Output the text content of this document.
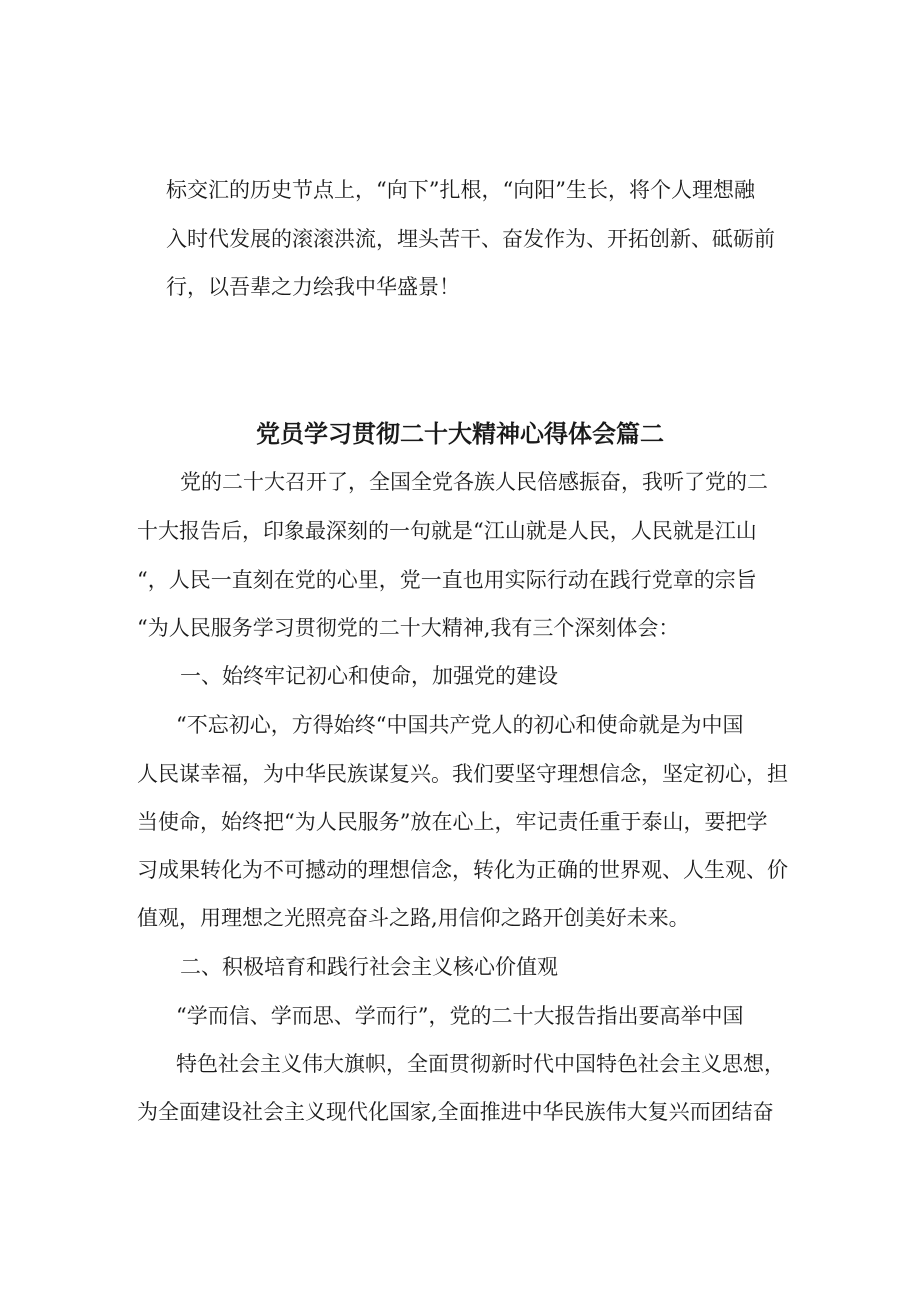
标交汇的历史节点上，“向下”扎根，“向阳”生长，将个人理想融
入时代发展的滚滚洪流，埋头苦干、奋发作为、开拓创新、砥砺前
行，以吾辈之力绘我中华盛景！
党员学习贯彻二十大精神心得体会篇二
党的二十大召开了，全国全党各族人民倍感振奋，我听了党的二
十大报告后，印象最深刻的一句就是“江山就是人民，人民就是江山
“，人民一直刻在党的心里，党一直也用实际行动在践行党章的宗旨
“为人民服务学习贯彻党的二十大精神,我有三个深刻体会：
一、始终牢记初心和使命，加强党的建设
“不忘初心，方得始终“中国共产党人的初心和使命就是为中国
人民谋幸福，为中华民族谋复兴。我们要坚守理想信念，坚定初心，担
当使命，始终把“为人民服务”放在心上，牢记责任重于泰山，要把学
习成果转化为不可撼动的理想信念，转化为正确的世界观、人生观、价
值观，用理想之光照亮奋斗之路,用信仰之路开创美好未来。
二、积极培育和践行社会主义核心价值观
“学而信、学而思、学而行”，党的二十大报告指出要高举中国
特色社会主义伟大旗帜，全面贯彻新时代中国特色社会主义思想，
为全面建设社会主义现代化国家,全面推进中华民族伟大复兴而团结奋
